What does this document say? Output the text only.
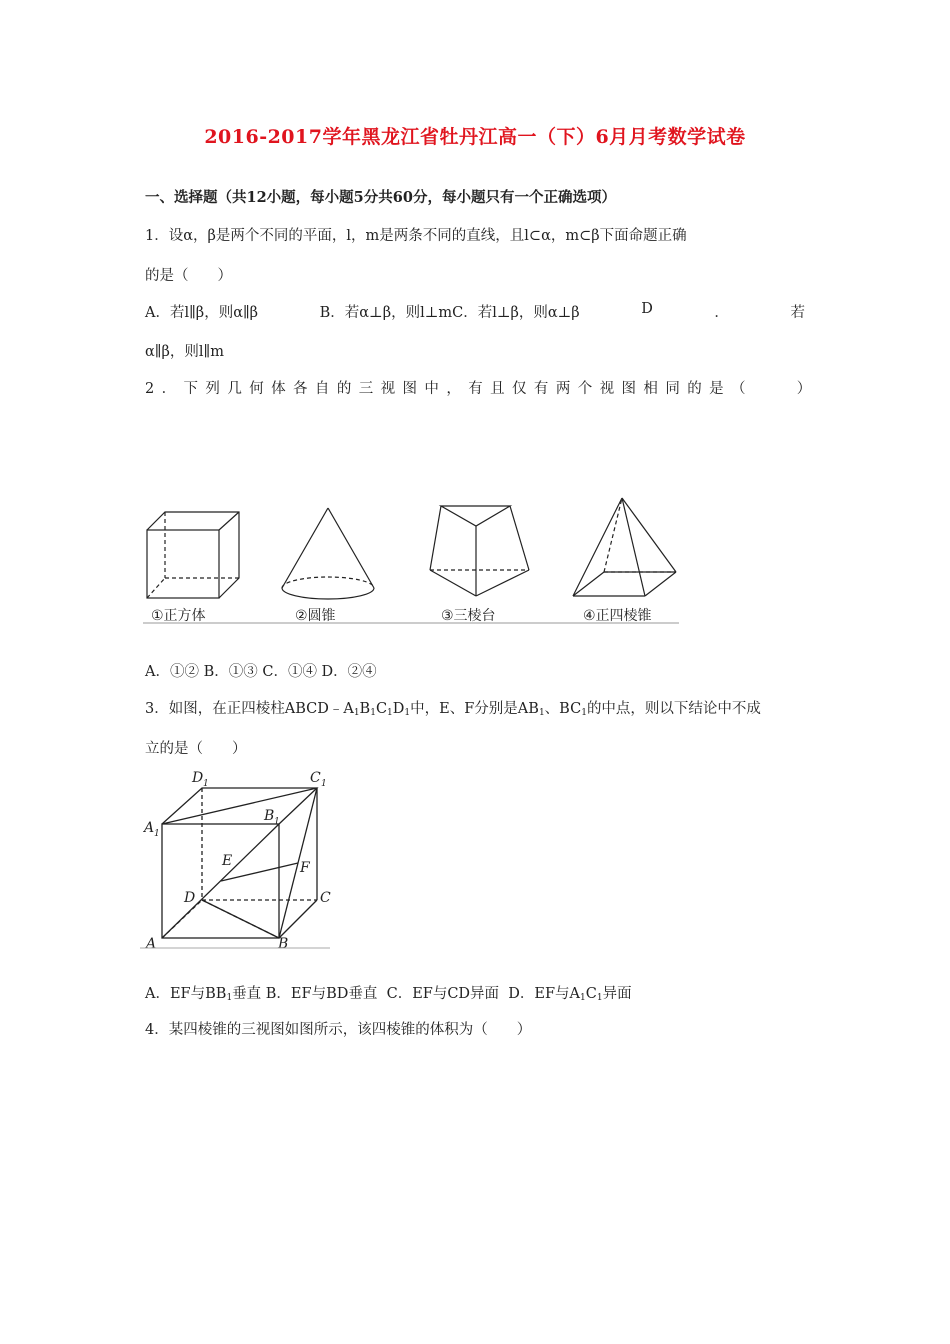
2016-2017学年黑龙江省牡丹江高一（下）6月月考数学试卷
一、选择题（共12小题，每小题5分共60分，每小题只有一个正确选项）
1．设α，β是两个不同的平面，l，m是两条不同的直线，且l⊂α，m⊂β下面命题正确
的是（　　）
A．若l∥β，则α∥β	B．若α⊥β，则l⊥mC．若l⊥β，则α⊥β	D	．	若
α∥β，则l∥m
2．下列几何体各自的三视图中，有且仅有两个视图相同的是（　　）
①正方体	②圆锥	③三棱台	④正四棱锥
A．①② B．①③ C．①④ D．②④
3．如图，在正四棱柱$ABCD﹣A_1B_1C_1D_1$中，E、F分别是$AB_1$、$BC_1$的中点，则以下结论中不成
立的是（　　）
D 1	C 1
A 1
B 1
E	F
D	C
A	B
A．EF与$BB_1$垂直 B．EF与BD垂直 C．EF与CD异面 D．EF与$A_1C_1$异面
4．某四棱锥的三视图如图所示，该四棱锥的体积为（　　）
